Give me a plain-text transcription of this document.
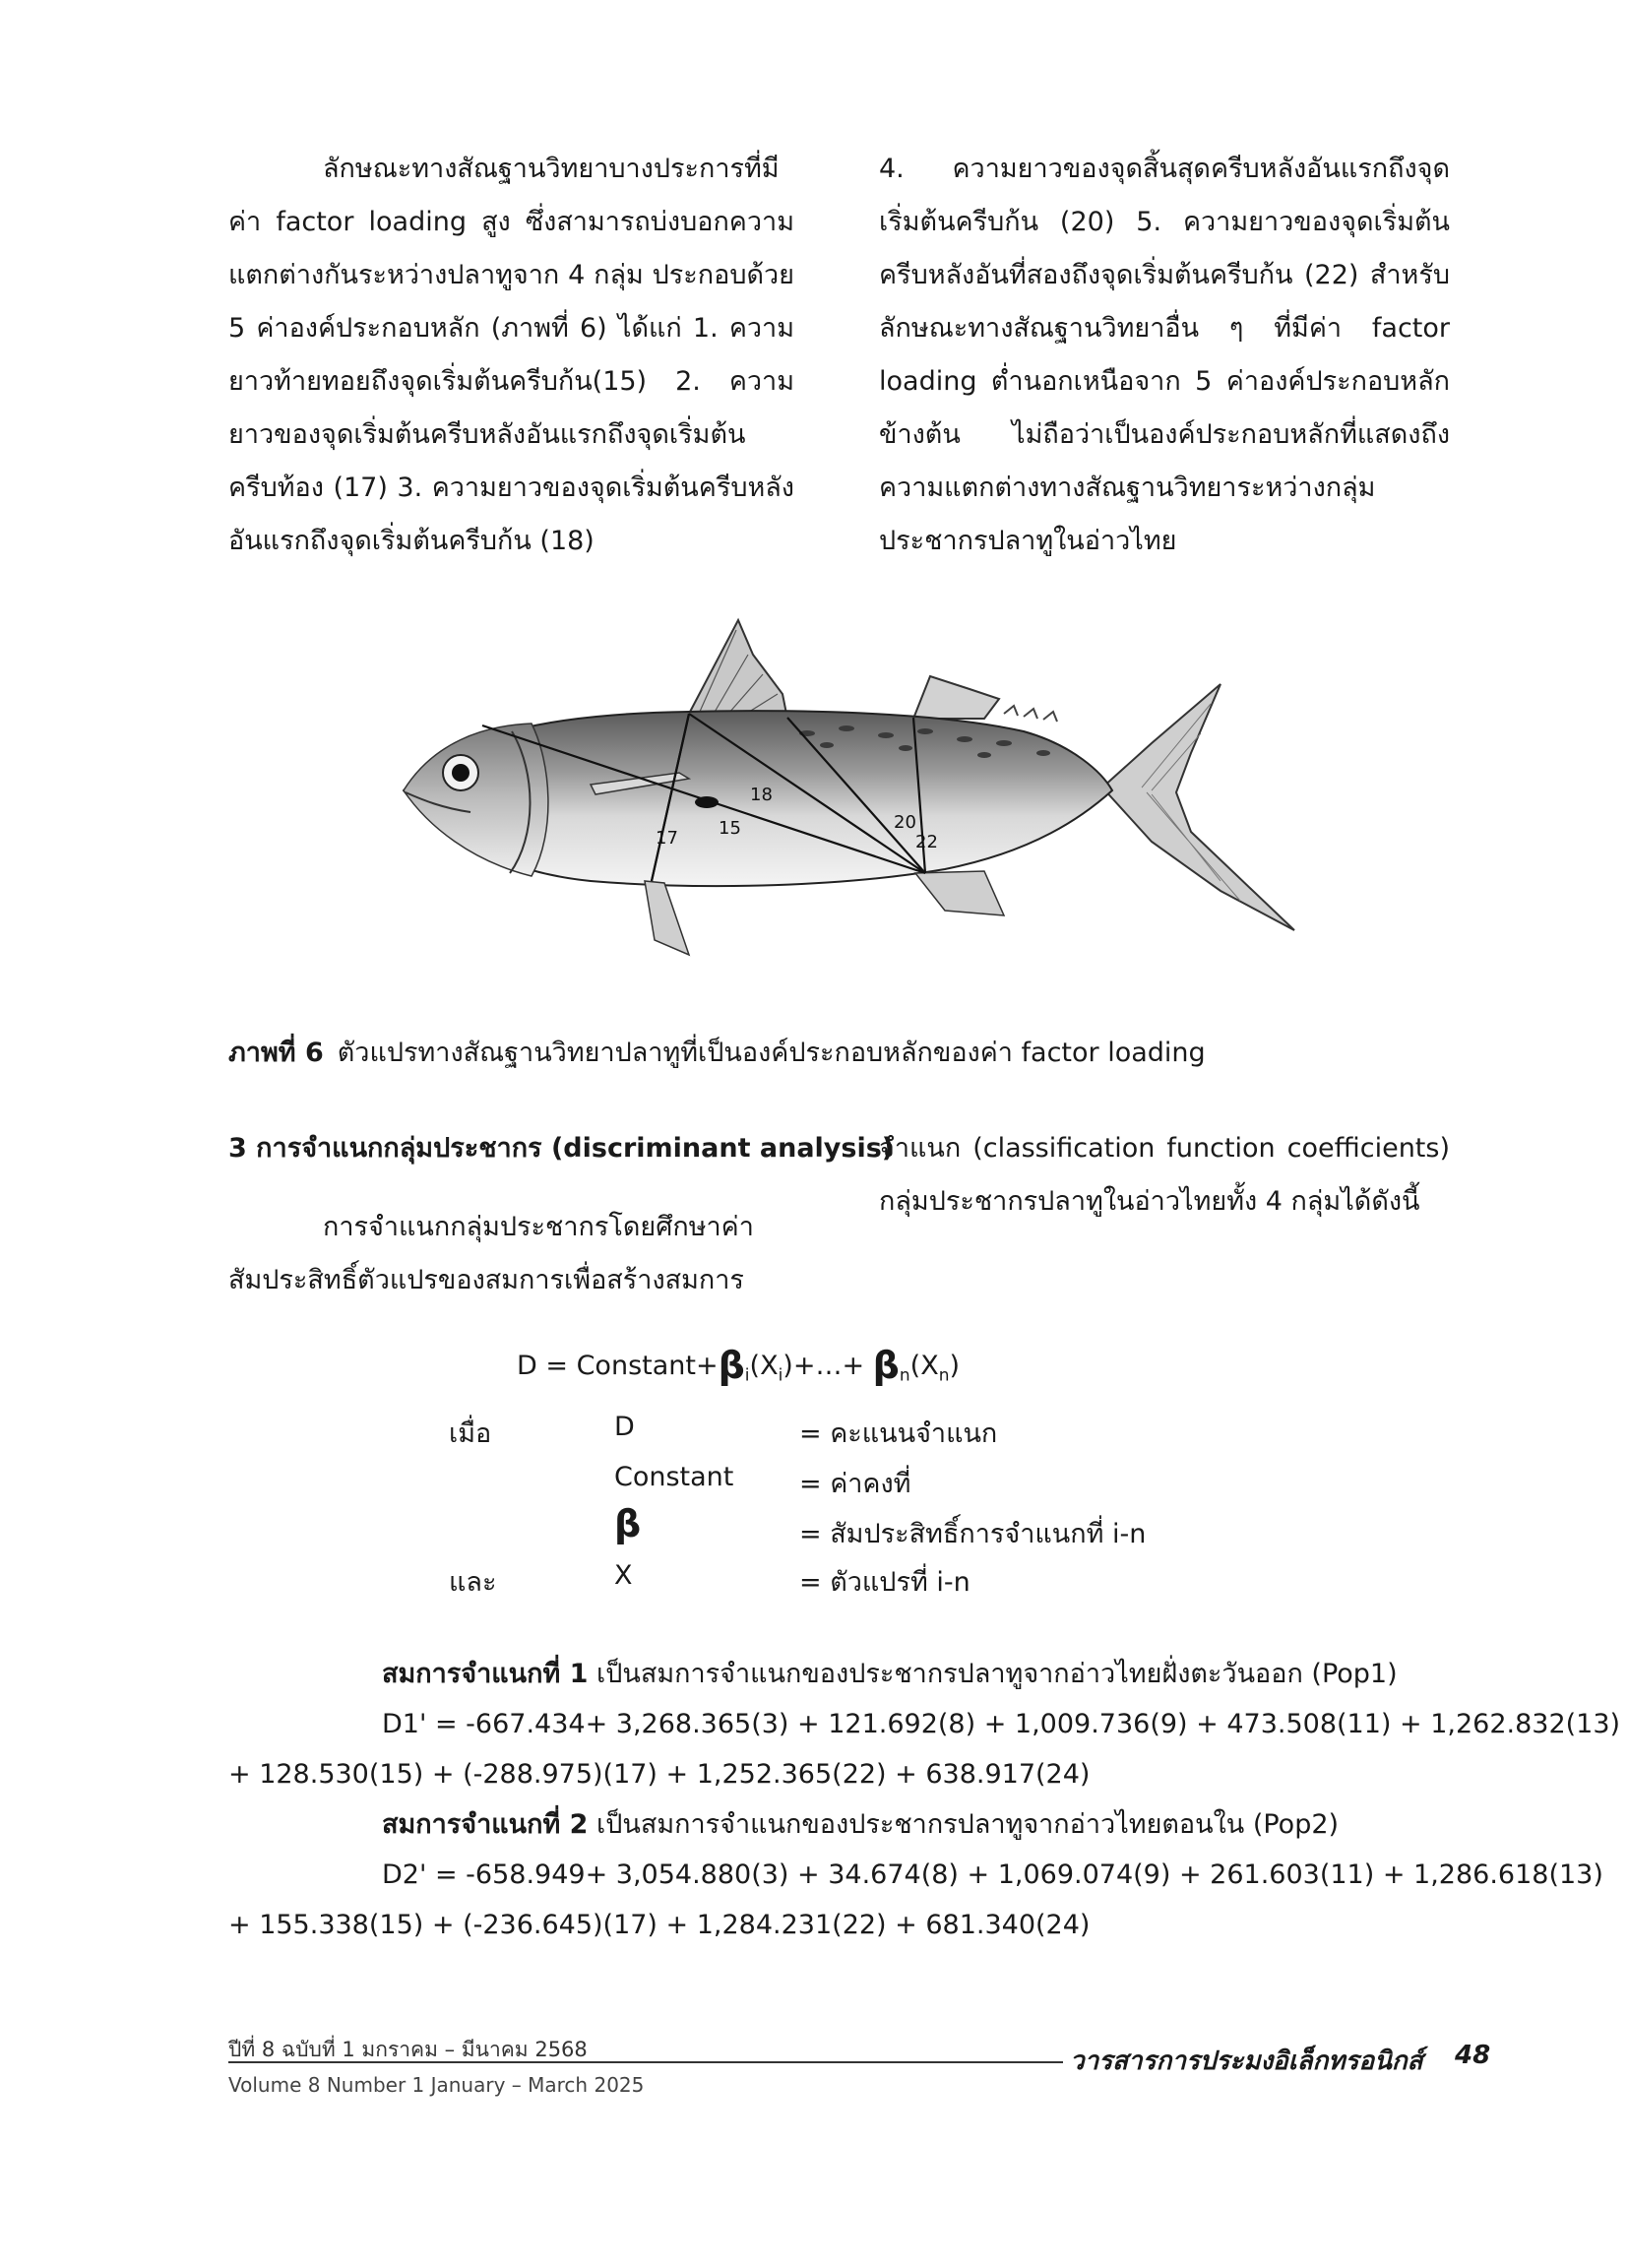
ลักษณะทางสัณฐานวิทยาบางประการที่มีค่า factor loading สูง ซึ่งสามารถบ่งบอกความแตกต่างกันระหว่างปลาทูจาก 4 กลุ่ม ประกอบด้วย 5 ค่าองค์ประกอบหลัก (ภาพที่ 6) ได้แก่ 1. ความยาวท้ายทอยถึงจุดเริ่มต้นครีบก้น(15) 2. ความยาวของจุดเริ่มต้นครีบหลังอันแรกถึงจุดเริ่มต้นครีบท้อง (17) 3. ความยาวของจุดเริ่มต้นครีบหลังอันแรกถึงจุดเริ่มต้นครีบก้น (18)

4. ความยาวของจุดสิ้นสุดครีบหลังอันแรกถึงจุดเริ่มต้นครีบก้น (20) 5. ความยาวของจุดเริ่มต้นครีบหลังอันที่สองถึงจุดเริ่มต้นครีบก้น (22) สำหรับลักษณะทางสัณฐานวิทยาอื่น ๆ ที่มีค่า factor loading ต่ำนอกเหนือจาก 5 ค่าองค์ประกอบหลักข้างต้น ไม่ถือว่าเป็นองค์ประกอบหลักที่แสดงถึงความแตกต่างทางสัณฐานวิทยาระหว่างกลุ่มประชากรปลาทูในอ่าวไทย

17 15
18
20
22
ภาพที่ 6 ตัวแปรทางสัณฐานวิทยาปลาทูที่เป็นองค์ประกอบหลักของค่า factor loading

3 การจำแนกกลุ่มประชากร (discriminant analysis)

การจำแนกกลุ่มประชากรโดยศึกษาค่าสัมประสิทธิ์ตัวแปรของสมการเพื่อสร้างสมการ

จำแนก (classification function coefficients) กลุ่มประชากรปลาทูในอ่าวไทยทั้ง 4 กลุ่มได้ดังนี้

$D = Constant+\beta_i(X_i)+\dots+ \beta_n(X_n)$
เมื่อ	D	= คะแนนจำแนก
Constant = ค่าคงที่
β	= สัมประสิทธิ์การจำแนกที่ i-n
และ	X	= ตัวแปรที่ i-n
สมการจำแนกที่ 1 เป็นสมการจำแนกของประชากรปลาทูจากอ่าวไทยฝั่งตะวันออก (Pop1)
D1' = -667.434+ 3,268.365(3) + 121.692(8) + 1,009.736(9) + 473.508(11) + 1,262.832(13)
+ 128.530(15) + (-288.975)(17) + 1,252.365(22) + 638.917(24)
สมการจำแนกที่ 2 เป็นสมการจำแนกของประชากรปลาทูจากอ่าวไทยตอนใน (Pop2)
D2' = -658.949+ 3,054.880(3) + 34.674(8) + 1,069.074(9) + 261.603(11) + 1,286.618(13)
+ 155.338(15) + (-236.645)(17) + 1,284.231(22) + 681.340(24)
ปีที่ 8 ฉบับที่ 1 มกราคม – มีนาคม 2568
Volume 8 Number 1 January – March 2025
วารสารการประมงอิเล็กทรอนิกส์ 48
